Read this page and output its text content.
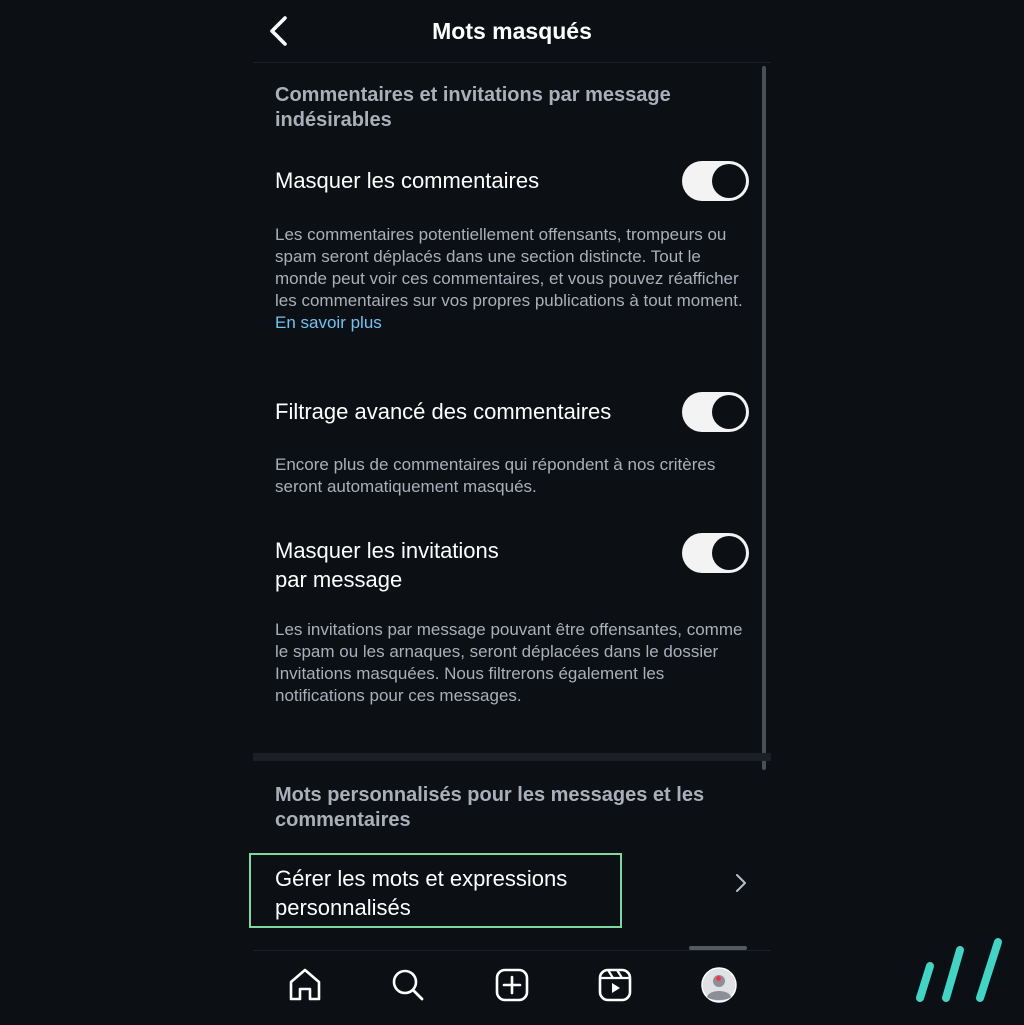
Mots masqués
Commentaires et invitations par message indésirables
Masquer les commentaires
Les commentaires potentiellement offensants, trompeurs ou spam seront déplacés dans une section distincte. Tout le monde peut voir ces commentaires, et vous pouvez réafficher les commentaires sur vos propres publications à tout moment. En savoir plus
Filtrage avancé des commentaires
Encore plus de commentaires qui répondent à nos critères seront automatiquement masqués.
Masquer les invitations
par message
Les invitations par message pouvant être offensantes, comme le spam ou les arnaques, seront déplacées dans le dossier Invitations masquées. Nous filtrerons également les notifications pour ces messages.
Mots personnalisés pour les messages et les commentaires
Gérer les mots et expressions
personnalisés
